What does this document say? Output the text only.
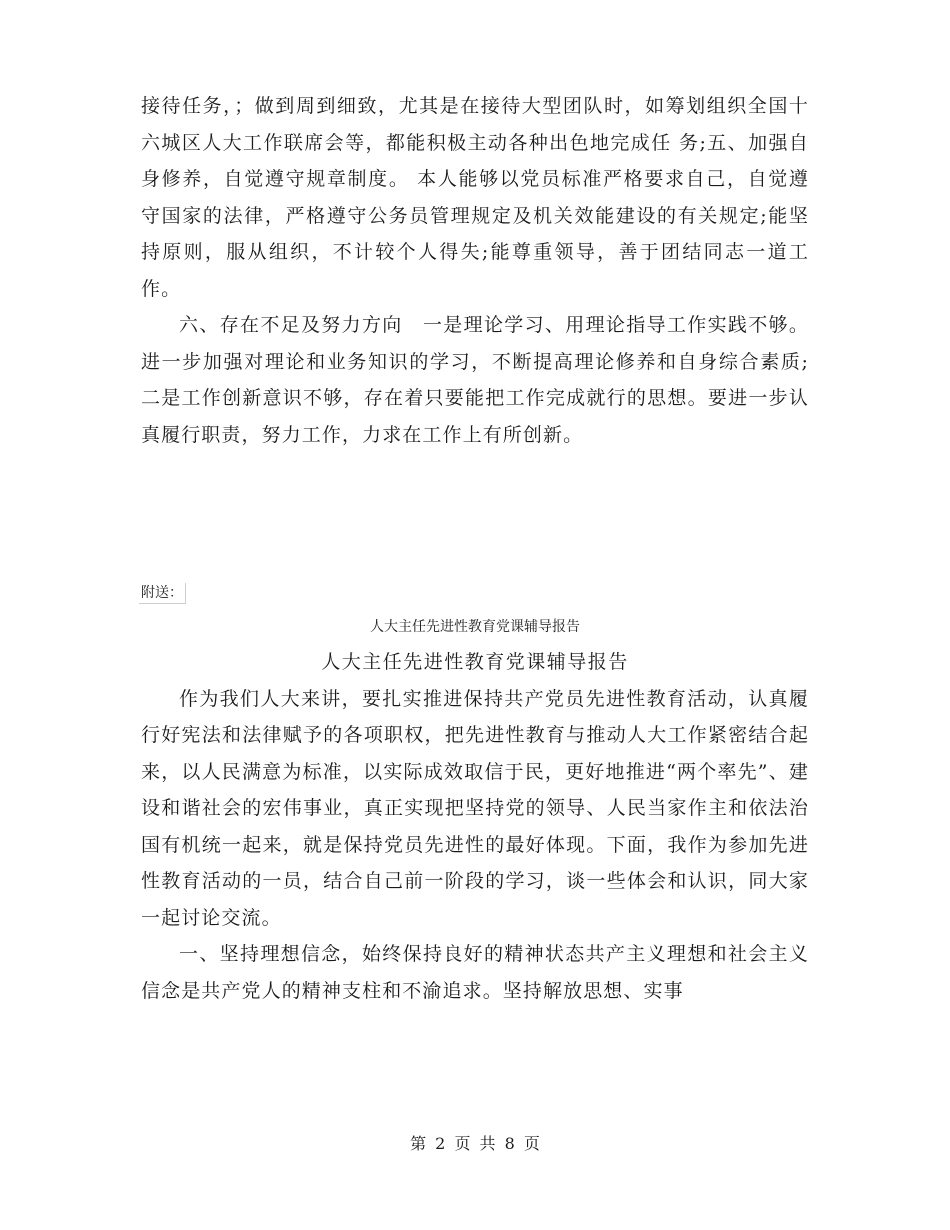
接待任务，；做到周到细致，尤其是在接待大型团队时，如筹划组织全国十六城区人大工作联席会等，都能积极主动各种出色地完成任 务;五、加强自身修养，自觉遵守规章制度。 本人能够以党员标准严格要求自己，自觉遵守国家的法律，严格遵守公务员管理规定及机关效能建设的有关规定;能坚持原则，服从组织，不计较个人得失;能尊重领导，善于团结同志一道工作。

六、存在不足及努力方向　一是理论学习、用理论指导工作实践不够。进一步加强对理论和业务知识的学习，不断提高理论修养和自身综合素质;二是工作创新意识不够，存在着只要能把工作完成就行的思想。要进一步认真履行职责，努力工作，力求在工作上有所创新。

附送：
人大主任先进性教育党课辅导报告

人大主任先进性教育党课辅导报告

作为我们人大来讲，要扎实推进保持共产党员先进性教育活动，认真履行好宪法和法律赋予的各项职权，把先进性教育与推动人大工作紧密结合起来，以人民满意为标准，以实际成效取信于民，更好地推进“两个率先”、建设和谐社会的宏伟事业，真正实现把坚持党的领导、人民当家作主和依法治国有机统一起来，就是保持党员先进性的最好体现。下面，我作为参加先进性教育活动的一员，结合自己前一阶段的学习，谈一些体会和认识，同大家一起讨论交流。

一、坚持理想信念，始终保持良好的精神状态共产主义理想和社会主义信念是共产党人的精神支柱和不渝追求。坚持解放思想、实事

第 2 页 共 8 页
